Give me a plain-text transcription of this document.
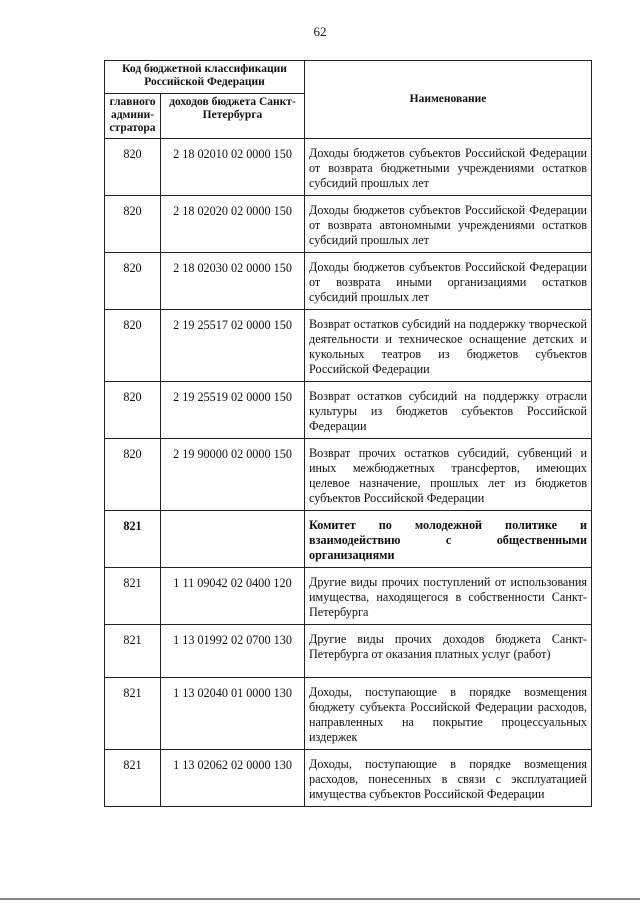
62
Код бюджетной классификации Российской Федерации		Наименование
главного админи-стратора	доходов бюджета Санкт-Петербурга	
820	2 18 02010 02 0000 150	Доходы бюджетов субъектов Российской Федерации от возврата бюджетными учреждениями остатков субсидий прошлых лет
820	2 18 02020 02 0000 150	Доходы бюджетов субъектов Российской Федерации от возврата автономными учреждениями остатков субсидий прошлых лет
820	2 18 02030 02 0000 150	Доходы бюджетов субъектов Российской Федерации от возврата иными организациями остатков субсидий прошлых лет
820	2 19 25517 02 0000 150	Возврат остатков субсидий на поддержку творческой деятельности и техническое оснащение детских и кукольных театров из бюджетов субъектов Российской Федерации
820	2 19 25519 02 0000 150	Возврат остатков субсидий на поддержку отрасли культуры из бюджетов субъектов Российской Федерации
820	2 19 90000 02 0000 150	Возврат прочих остатков субсидий, субвенций и иных межбюджетных трансфертов, имеющих целевое назначение, прошлых лет из бюджетов субъектов Российской Федерации
821		Комитет по молодежной политике и взаимодействию с общественными организациями
821	1 11 09042 02 0400 120	Другие виды прочих поступлений от использования имущества, находящегося в собственности Санкт-Петербурга
821	1 13 01992 02 0700 130	Другие виды прочих доходов бюджета Санкт-Петербурга от оказания платных услуг (работ)
821	1 13 02040 01 0000 130	Доходы, поступающие в порядке возмещения бюджету субъекта Российской Федерации расходов, направленных на покрытие процессуальных издержек
821	1 13 02062 02 0000 130	Доходы, поступающие в порядке возмещения расходов, понесенных в связи с эксплуатацией имущества субъектов Российской Федерации
